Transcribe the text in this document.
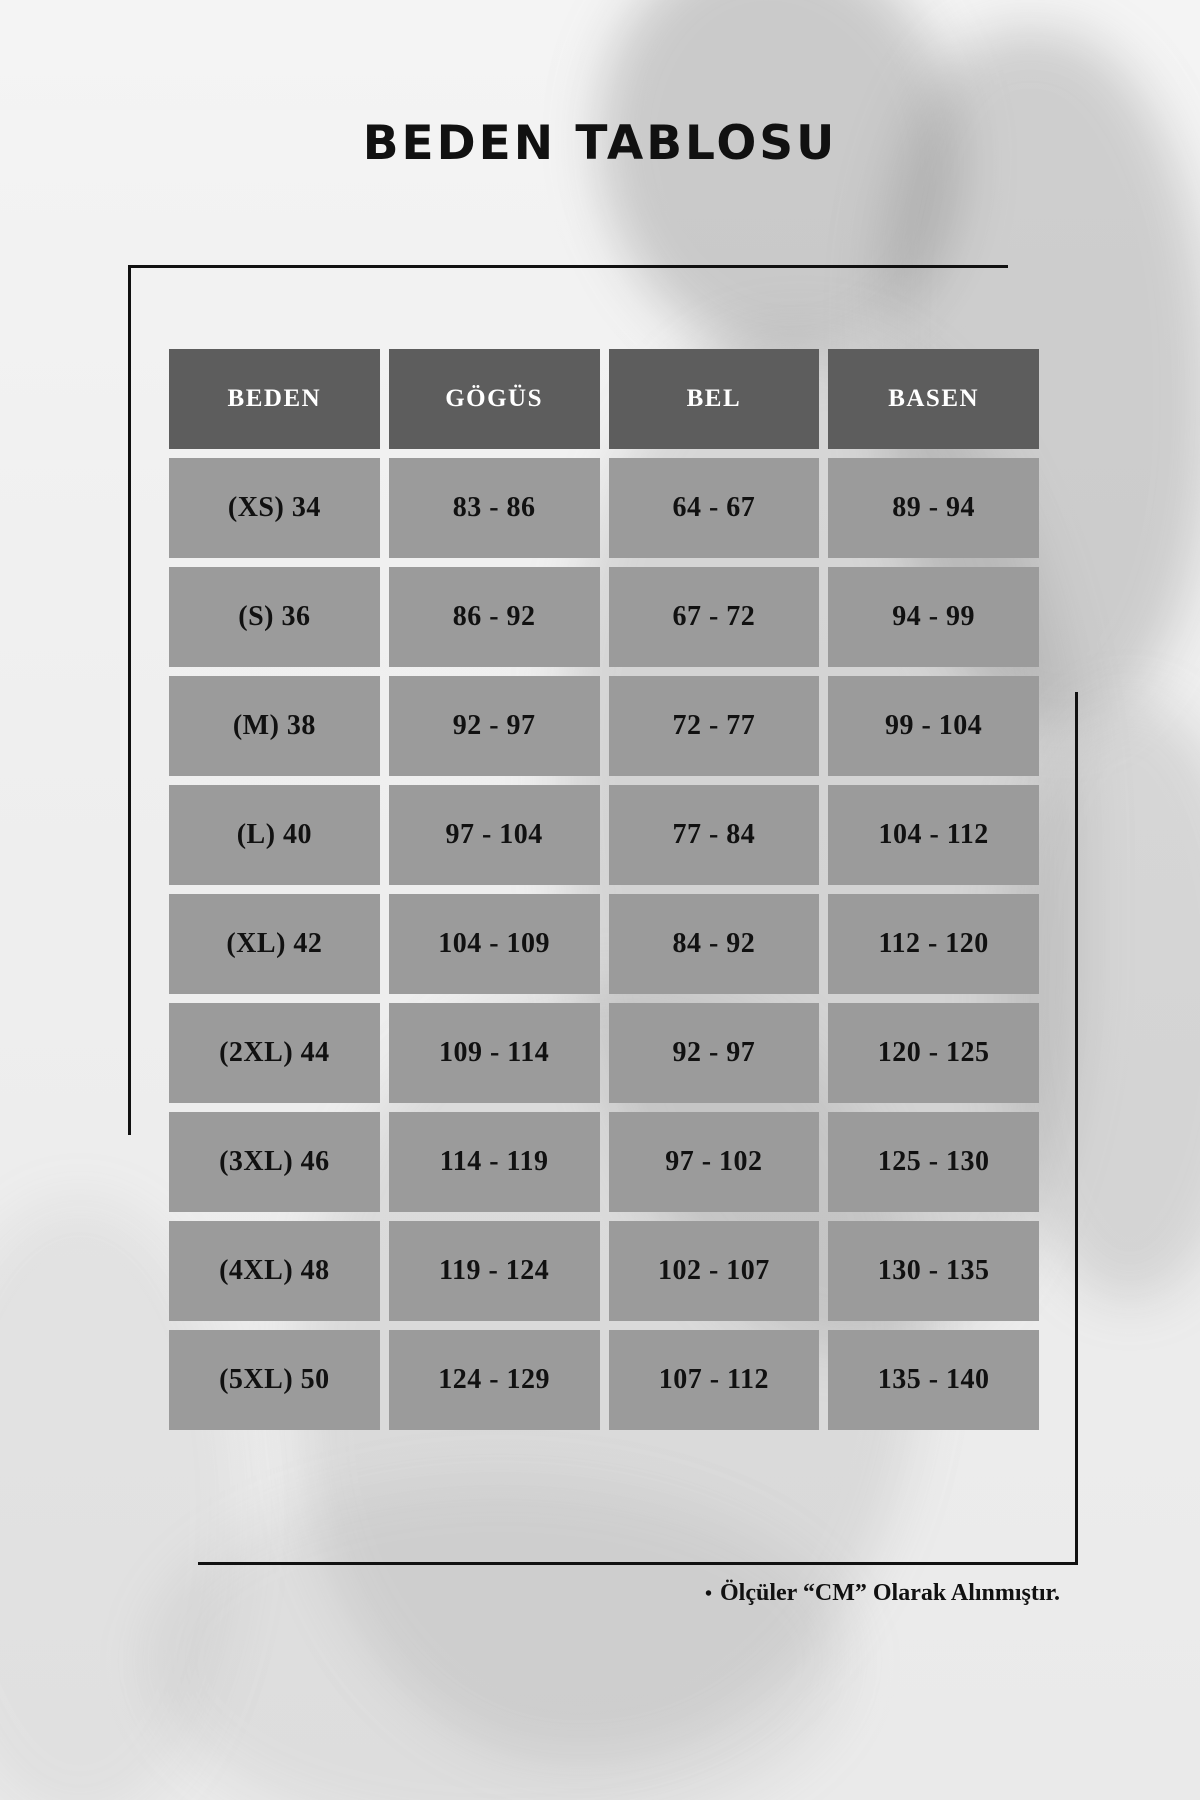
BEDEN TABLOSU
BEDEN	GÖGÜS	BEL	BASEN
(XS) 34	83 - 86	64 - 67	89 - 94
(S) 36	86 - 92	67 - 72	94 - 99
(M) 38	92 - 97	72 - 77	99 - 104
(L) 40	97 - 104	77 - 84	104 - 112
(XL) 42	104 - 109	84 - 92	112 - 120
(2XL) 44	109 - 114	92 - 97	120 - 125
(3XL) 46	114 - 119	97 - 102	125 - 130
(4XL) 48	119 - 124	102 - 107	130 - 135
(5XL) 50	124 - 129	107 - 112	135 - 140
• Ölçüler “CM” Olarak Alınmıştır.
